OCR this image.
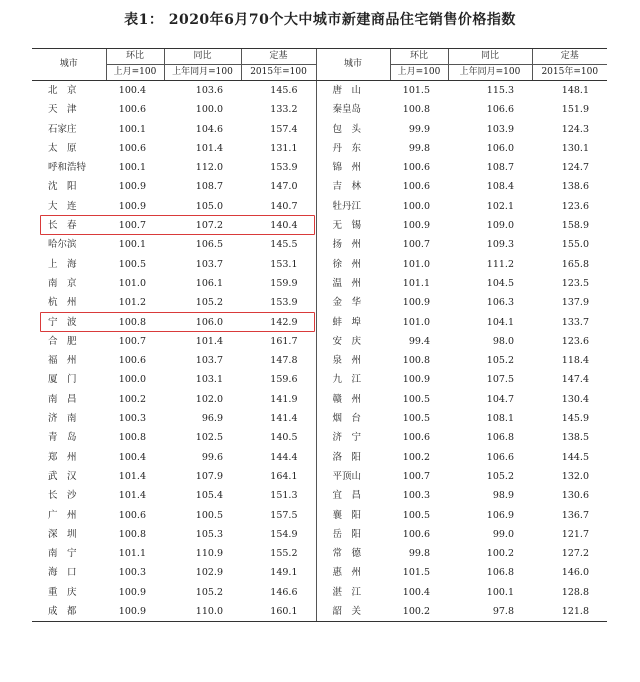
表1： 2020年6月70个大中城市新建商品住宅销售价格指数
城市	环比	同比	定基	城市	环比	同比	定基
	上月=100	上年同月=100	2015年=100		上月=100	上年同月=100	2015年=100
北　京	100.4	103.6	145.6	唐　山	101.5	115.3	148.1
天　津	100.6	100.0	133.2	秦皇岛	100.8	106.6	151.9
石家庄	100.1	104.6	157.4	包　头	99.9	103.9	124.3
太　原	100.6	101.4	131.1	丹　东	99.8	106.0	130.1
呼和浩特	100.1	112.0	153.9	锦　州	100.6	108.7	124.7
沈　阳	100.9	108.7	147.0	吉　林	100.6	108.4	138.6
大　连	100.9	105.0	140.7	牡丹江	100.0	102.1	123.6
长　春	100.7	107.2	140.4	无　锡	100.9	109.0	158.9
哈尔滨	100.1	106.5	145.5	扬　州	100.7	109.3	155.0
上　海	100.5	103.7	153.1	徐　州	101.0	111.2	165.8
南　京	101.0	106.1	159.9	温　州	101.1	104.5	123.5
杭　州	101.2	105.2	153.9	金　华	100.9	106.3	137.9
宁　波	100.8	106.0	142.9	蚌　埠	101.0	104.1	133.7
合　肥	100.7	101.4	161.7	安　庆	99.4	98.0	123.6
福　州	100.6	103.7	147.8	泉　州	100.8	105.2	118.4
厦　门	100.0	103.1	159.6	九　江	100.9	107.5	147.4
南　昌	100.2	102.0	141.9	赣　州	100.5	104.7	130.4
济　南	100.3	96.9	141.4	烟　台	100.5	108.1	145.9
青　岛	100.8	102.5	140.5	济　宁	100.6	106.8	138.5
郑　州	100.4	99.6	144.4	洛　阳	100.2	106.6	144.5
武　汉	101.4	107.9	164.1	平顶山	100.7	105.2	132.0
长　沙	101.4	105.4	151.3	宜　昌	100.3	98.9	130.6
广　州	100.6	100.5	157.5	襄　阳	100.5	106.9	136.7
深　圳	100.8	105.3	154.9	岳　阳	100.6	99.0	121.7
南　宁	101.1	110.9	155.2	常　德	99.8	100.2	127.2
海　口	100.3	102.9	149.1	惠　州	101.5	106.8	146.0
重　庆	100.9	105.2	146.6	湛　江	100.4	100.1	128.8
成　都	100.9	110.0	160.1	韶　关	100.2	97.8	121.8
